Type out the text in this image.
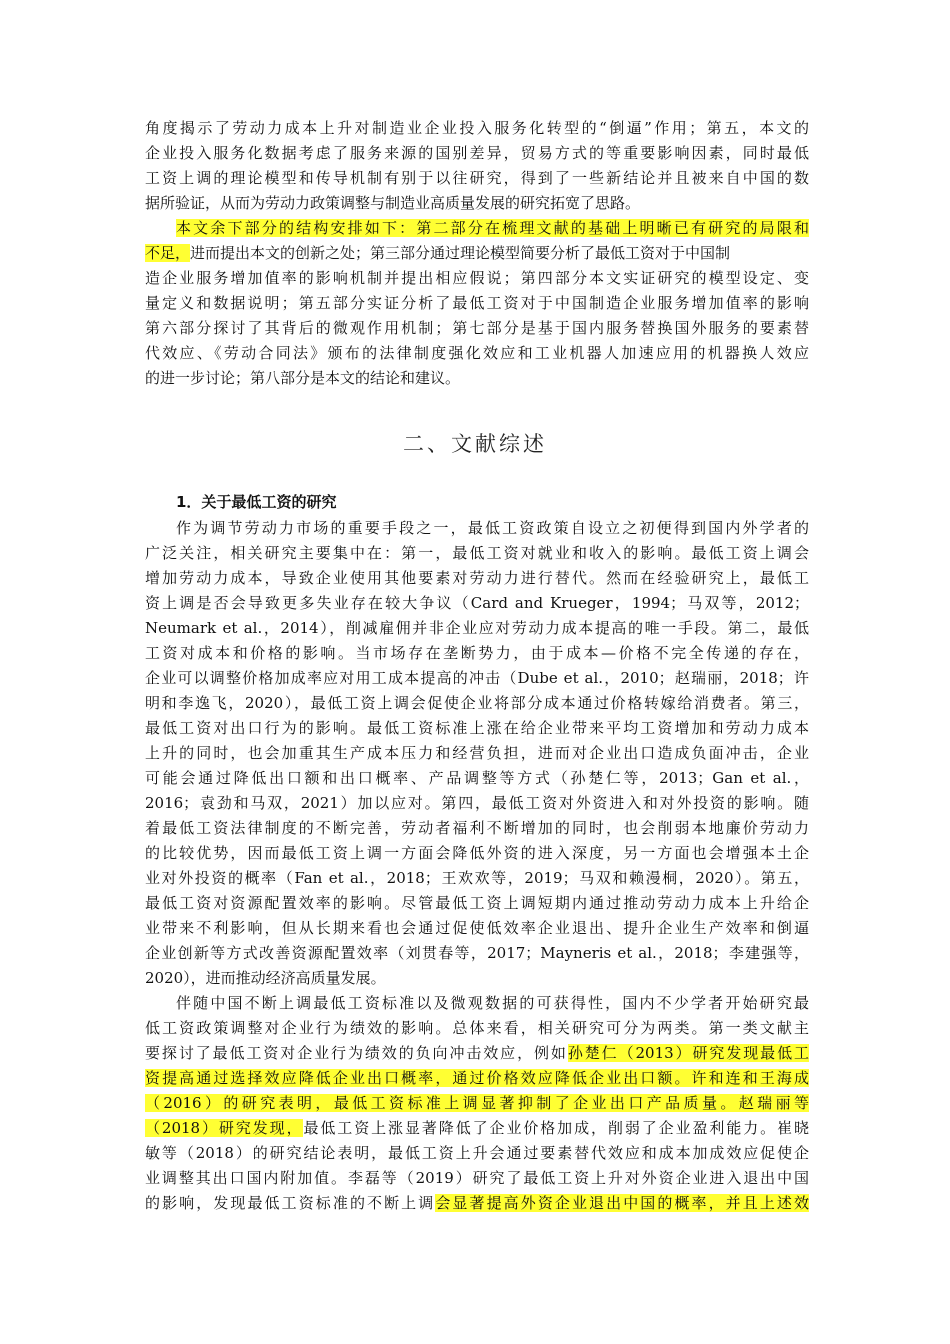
角度揭示了劳动力成本上升对制造业企业投入服务化转型的“倒逼”作用；第五，本文的
企业投入服务化数据考虑了服务来源的国别差异，贸易方式的等重要影响因素，同时最低
工资上调的理论模型和传导机制有别于以往研究，得到了一些新结论并且被来自中国的数
据所验证，从而为劳动力政策调整与制造业高质量发展的研究拓宽了思路。
本文余下部分的结构安排如下：第二部分在梳理文献的基础上明晰已有研究的局限和
不足，进而提出本文的创新之处；第三部分通过理论模型简要分析了最低工资对于中国制
造企业服务增加值率的影响机制并提出相应假说；第四部分本文实证研究的模型设定、变
量定义和数据说明；第五部分实证分析了最低工资对于中国制造企业服务增加值率的影响
第六部分探讨了其背后的微观作用机制；第七部分是基于国内服务替换国外服务的要素替
代效应、《劳动合同法》颁布的法律制度强化效应和工业机器人加速应用的机器换人效应
的进一步讨论；第八部分是本文的结论和建议。
二、文献综述
1．关于最低工资的研究
作为调节劳动力市场的重要手段之一，最低工资政策自设立之初便得到国内外学者的
广泛关注，相关研究主要集中在：第一，最低工资对就业和收入的影响。最低工资上调会
增加劳动力成本，导致企业使用其他要素对劳动力进行替代。然而在经验研究上，最低工
资上调是否会导致更多失业存在较大争议（Card and Krueger，1994；马双等，2012；
Neumark et al.，2014），削减雇佣并非企业应对劳动力成本提高的唯一手段。第二，最低
工资对成本和价格的影响。当市场存在垄断势力，由于成本—价格不完全传递的存在，
企业可以调整价格加成率应对用工成本提高的冲击（Dube et al.，2010；赵瑞丽，2018；许
明和李逸飞，2020），最低工资上调会促使企业将部分成本通过价格转嫁给消费者。第三，
最低工资对出口行为的影响。最低工资标准上涨在给企业带来平均工资增加和劳动力成本
上升的同时，也会加重其生产成本压力和经营负担，进而对企业出口造成负面冲击，企业
可能会通过降低出口额和出口概率、产品调整等方式（孙楚仁等，2013；Gan et al.，
2016；袁劲和马双，2021）加以应对。第四，最低工资对外资进入和对外投资的影响。随
着最低工资法律制度的不断完善，劳动者福利不断增加的同时，也会削弱本地廉价劳动力
的比较优势，因而最低工资上调一方面会降低外资的进入深度，另一方面也会增强本土企
业对外投资的概率（Fan et al.，2018；王欢欢等，2019；马双和赖漫桐，2020）。第五，
最低工资对资源配置效率的影响。尽管最低工资上调短期内通过推动劳动力成本上升给企
业带来不利影响，但从长期来看也会通过促使低效率企业退出、提升企业生产效率和倒逼
企业创新等方式改善资源配置效率（刘贯春等，2017；Mayneris et al.，2018；李建强等，
2020），进而推动经济高质量发展。
伴随中国不断上调最低工资标准以及微观数据的可获得性，国内不少学者开始研究最
低工资政策调整对企业行为绩效的影响。总体来看，相关研究可分为两类。第一类文献主
要探讨了最低工资对企业行为绩效的负向冲击效应，例如孙楚仁（2013）研究发现最低工
资提高通过选择效应降低企业出口概率，通过价格效应降低企业出口额。许和连和王海成
（2016）的研究表明，最低工资标准上调显著抑制了企业出口产品质量。赵瑞丽等
（2018）研究发现，最低工资上涨显著降低了企业价格加成，削弱了企业盈利能力。崔晓
敏等（2018）的研究结论表明，最低工资上升会通过要素替代效应和成本加成效应促使企
业调整其出口国内附加值。李磊等（2019）研究了最低工资上升对外资企业进入退出中国
的影响，发现最低工资标准的不断上调会显著提高外资企业退出中国的概率，并且上述效
